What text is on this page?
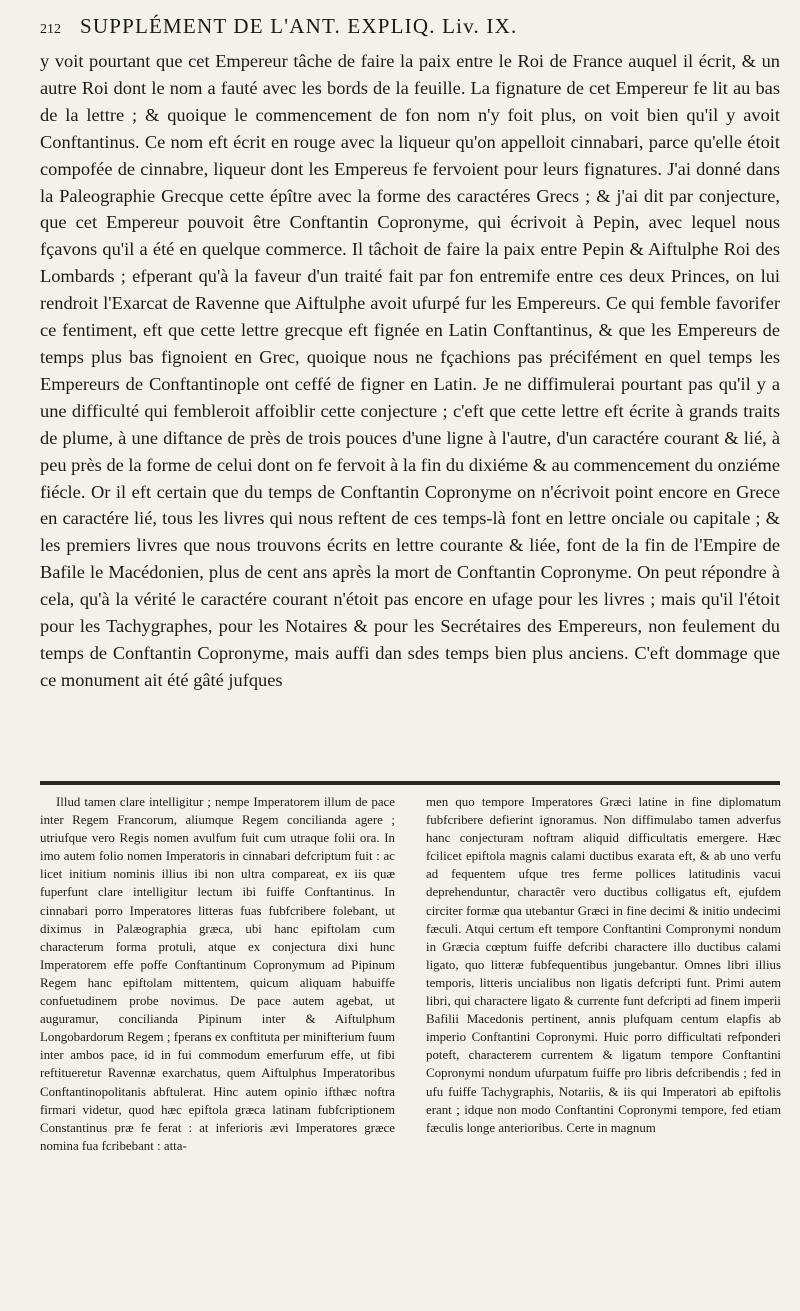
212 SUPPLÉMENT DE L'ANT. EXPLIQ. Liv. IX.

y voit pourtant que cet Empereur tâche de faire la paix entre le Roi de France auquel il écrit, & un autre Roi dont le nom a fauté avec les bords de la feuille. La fignature de cet Empereur fe lit au bas de la lettre ; & quoique le commencement de fon nom n'y foit plus, on voit bien qu'il y avoit Conftantinus. Ce nom eft écrit en rouge avec la liqueur qu'on appelloit cinnabari, parce qu'elle étoit compofée de cinnabre, liqueur dont les Empereus fe fervoient pour leurs fignatures. J'ai donné dans la Paleographie Grecque cette épître avec la forme des caractéres Grecs ; & j'ai dit par conjecture, que cet Empereur pouvoit être Conftantin Copronyme, qui écrivoit à Pepin, avec lequel nous fçavons qu'il a été en quelque commerce. Il tâchoit de faire la paix entre Pepin & Aiftulphe Roi des Lombards ; efperant qu'à la faveur d'un traité fait par fon entremife entre ces deux Princes, on lui rendroit l'Exarcat de Ravenne que Aiftulphe avoit ufurpé fur les Empereurs. Ce qui femble favorifer ce fentiment, eft que cette lettre grecque eft fignée en Latin Conftantinus, & que les Empereurs de temps plus bas fignoient en Grec, quoique nous ne fçachions pas précifément en quel temps les Empereurs de Conftantinople ont ceffé de figner en Latin. Je ne diffimulerai pourtant pas qu'il y a une difficulté qui fembleroit affoiblir cette conjecture ; c'eft que cette lettre eft écrite à grands traits de plume, à une diftance de près de trois pouces d'une ligne à l'autre, d'un caractére courant & lié, à peu près de la forme de celui dont on fe fervoit à la fin du dixiéme & au commencement du onziéme fiécle. Or il eft certain que du temps de Conftantin Copronyme on n'écrivoit point encore en Grece en caractére lié, tous les livres qui nous reftent de ces temps-là font en lettre onciale ou capitale ; & les premiers livres que nous trouvons écrits en lettre courante & liée, font de la fin de l'Empire de Bafile le Macédonien, plus de cent ans après la mort de Conftantin Copronyme. On peut répondre à cela, qu'à la vérité le caractére courant n'étoit pas encore en ufage pour les livres ; mais qu'il l'étoit pour les Tachygraphes, pour les Notaires & pour les Secrétaires des Empereurs, non feulement du temps de Conftantin Copronyme, mais auffi dan sdes temps bien plus anciens. C'eft dommage que ce monument ait été gâté jufques

Illud tamen clare intelligitur ; nempe Imperatorem illum de pace inter Regem Francorum, aliumque Regem concilianda agere ; utriufque vero Regis nomen avulfum fuit cum utraque folii ora. In imo autem folio nomen Imperatoris in cinnabari defcriptum fuit : ac licet initium nominis illius ibi non ultra compareat, ex iis quæ fuperfunt clare intelligitur lectum ibi fuiffe Conftantinus. In cinnabari porro Imperatores litteras fuas fubfcribere folebant, ut diximus in Palæographia græca, ubi hanc epiftolam cum characterum forma protuli, atque ex conjectura dixi hunc Imperatorem effe poffe Conftantinum Copronymum ad Pipinum Regem hanc epiftolam mittentem, quicum aliquam habuiffe confuetudinem probe novimus. De pace autem agebat, ut auguramur, concilianda Pipinum inter & Aiftulphum Longobardorum Regem ; fperans ex conftituta per minifterium fuum inter ambos pace, id in fui commodum emerfurum effe, ut fibi reftitueretur Ravennæ exarchatus, quem Aiftulphus Imperatoribus Conftantinopolitanis abftulerat. Hinc autem opinio ifthæc noftra firmari videtur, quod hæc epiftola græca latinam fubfcriptionem Constantinus præ fe ferat : at inferioris ævi Imperatores græce nomina fua fcribebant : atta-

men quo tempore Imperatores Græci latine in fine diplomatum fubfcribere defierint ignoramus. Non diffimulabo tamen adverfus hanc conjecturam noftram aliquid difficultatis emergere. Hæc fcilicet epiftola magnis calami ductibus exarata eft, & ab uno verfu ad fequentem ufque tres ferme pollices latitudinis vacui deprehenduntur, charactêr vero ductibus colligatus eft, ejufdem circiter formæ qua utebantur Græci in fine decimi & initio undecimi fæculi. Atqui certum eft tempore Conftantini Compronymi nondum in Græcia cœptum fuiffe defcribi charactere illo ductibus calami ligato, quo litteræ fubfequentibus jungebantur. Omnes libri illius temporis, litteris uncialibus non ligatis defcripti funt. Primi autem libri, qui charactere ligato & currente funt defcripti ad finem imperii Bafilii Macedonis pertinent, annis plufquam centum elapfis ab imperio Conftantini Copronymi. Huic porro difficultati refponderi poteft, characterem currentem & ligatum tempore Conftantini Copronymi nondum ufurpatum fuiffe pro libris defcribendis ; fed in ufu fuiffe Tachygraphis, Notariis, & iis qui Imperatori ab epiftolis erant ; idque non modo Conftantini Copronymi tempore, fed etiam fæculis longe anterioribus. Certe in magnum
